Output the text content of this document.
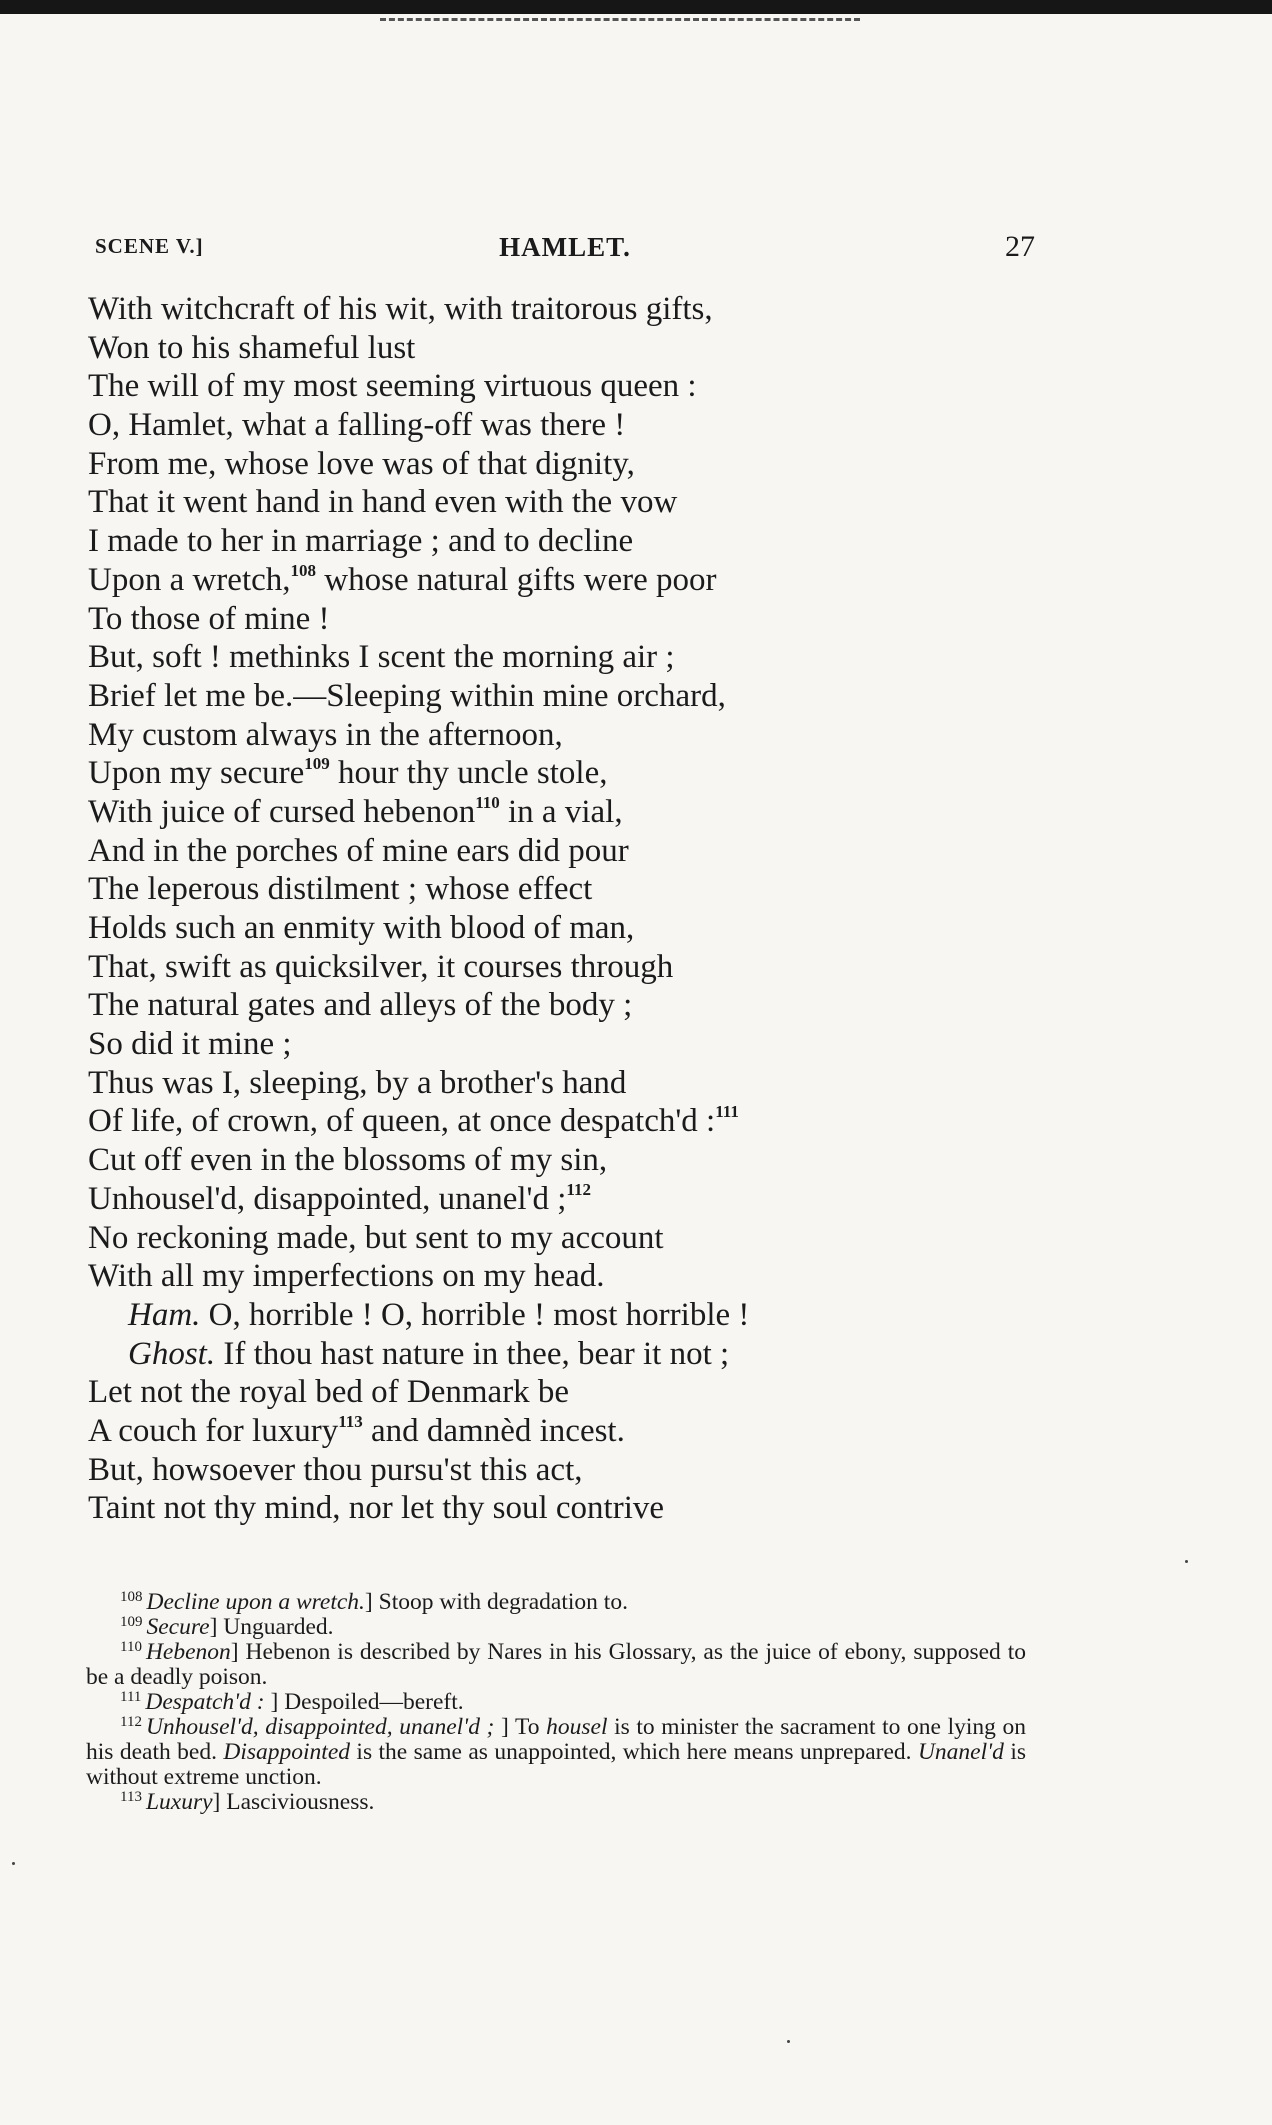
SCENE V.]	HAMLET.	27
With witchcraft of his wit, with traitorous gifts,
Won to his shameful lust
The will of my most seeming virtuous queen :
O, Hamlet, what a falling-off was there !
From me, whose love was of that dignity,
That it went hand in hand even with the vow
I made to her in marriage ; and to decline
Upon a wretch,$^{108}$ whose natural gifts were poor
To those of mine !
But, soft ! methinks I scent the morning air ;
Brief let me be.—Sleeping within mine orchard,
My custom always in the afternoon,
Upon my secure$^{109}$ hour thy uncle stole,
With juice of cursed hebenon$^{110}$ in a vial,
And in the porches of mine ears did pour
The leperous distilment ; whose effect
Holds such an enmity with blood of man,
That, swift as quicksilver, it courses through
The natural gates and alleys of the body ;
So did it mine ;
Thus was I, sleeping, by a brother's hand
Of life, of crown, of queen, at once despatch'd :$^{111}$
Cut off even in the blossoms of my sin,
Unhousel'd, disappointed, unanel'd ;$^{112}$
No reckoning made, but sent to my account
With all my imperfections on my head.
Ham. O, horrible ! O, horrible ! most horrible !
Ghost. If thou hast nature in thee, bear it not ;
Let not the royal bed of Denmark be
A couch for luxury$^{113}$ and damnèd incest.
But, howsoever thou pursu'st this act,
Taint not thy mind, nor let thy soul contrive
$^{108}$ Decline upon a wretch.] Stoop with degradation to.
$^{109}$ Secure] Unguarded.
$^{110}$ Hebenon] Hebenon is described by Nares in his Glossary, as the juice of ebony, supposed to be a deadly poison.
$^{111}$ Despatch'd : ] Despoiled—bereft.
$^{112}$ Unhousel'd, disappointed, unanel'd ; ] To housel is to minister the sacrament to one lying on his death bed. Disappointed is the same as unappointed, which here means unprepared. Unanel'd is without extreme unction.
$^{113}$ Luxury] Lasciviousness.
